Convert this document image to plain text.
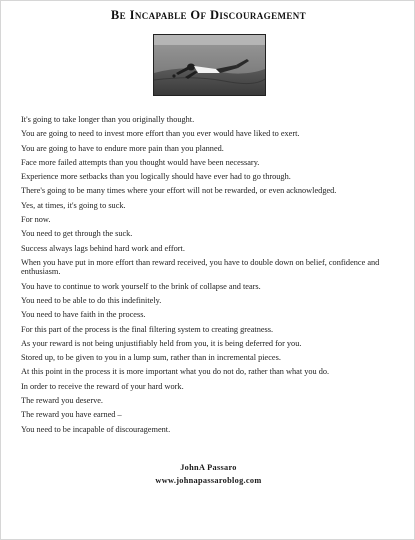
Be Incapable Of Discouragement
It's going to take longer than you originally thought.
You are going to need to invest more effort than you ever would have liked to exert.
You are going to have to endure more pain than you planned.
Face more failed attempts than you thought would have been necessary.
Experience more setbacks than you logically should have ever had to go through.
There's going to be many times where your effort will not be rewarded, or even acknowledged.
Yes, at times, it's going to suck.
For now.
You need to get through the suck.
Success always lags behind hard work and effort.
When you have put in more effort than reward received, you have to double down on belief, confidence and enthusiasm.
You have to continue to work yourself to the brink of collapse and tears.
You need to be able to do this indefinitely.
You need to have faith in the process.
For this part of the process is the final filtering system to creating greatness.
As your reward is not being unjustifiably held from you, it is being deferred for you.
Stored up, to be given to you in a lump sum, rather than in incremental pieces.
At this point in the process it is more important what you do not do, rather than what you do.
In order to receive the reward of your hard work.
The reward you deserve.
The reward you have earned –
You need to be incapable of discouragement.
JohnA Passaro
www.johnapassaroblog.com
